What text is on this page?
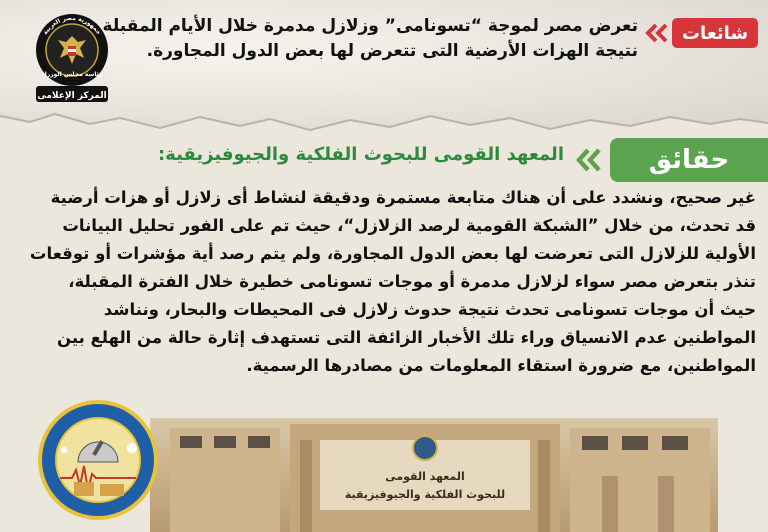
شائعات
تعرض مصر لموجة “تسونامى” وزلازل مدمرة خلال الأيام المقبلة
نتيجة الهزات الأرضية التى تتعرض لها بعض الدول المجاورة.
جمهورية مصر العربية
رئاسة مجلس الوزراء
المركز الإعلامى
حقائق
المعهد القومى للبحوث الفلكية والجيوفيزيقية:
غير صحيح، ونشدد على أن هناك متابعة مستمرة ودقيقة لنشاط أى زلازل أو هزات أرضية
قد تحدث، من خلال ”الشبكة القومية لرصد الزلازل“، حيث تم على الفور تحليل البيانات
الأولية للزلازل التى تعرضت لها بعض الدول المجاورة، ولم يتم رصد أية مؤشرات أو توقعات
تنذر بتعرض مصر سواء لزلازل مدمرة أو موجات تسونامى خطيرة خلال الفترة المقبلة،
حيث أن موجات تسونامى تحدث نتيجة حدوث زلازل فى المحيطات والبحار، ونناشد
المواطنين عدم الانسياق وراء تلك الأخبار الزائفة التى تستهدف إثارة حالة من الهلع بين
المواطنين، مع ضرورة استقاء المعلومات من مصادرها الرسمية.
المعهد القومى
للبحوث الفلكية والجيوفيزيقية
